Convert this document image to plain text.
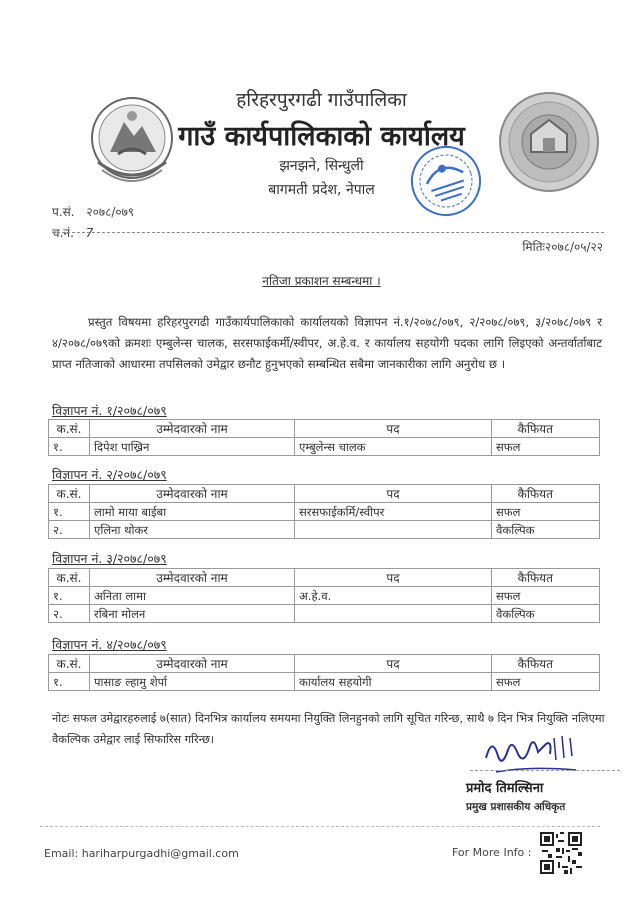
हरिहरपुरगढी गाउँपालिका
गाउँ कार्यपालिकाको कार्यालय
झनझने, सिन्धुली
बागमती प्रदेश, नेपाल
प.सं. २०७८/०७९
च.नं. 7
मितिः२०७८/०५/२२
नतिजा प्रकाशन सम्बन्धमा ।
प्रस्तुत विषयमा हरिहरपुरगढी गाउँकार्यपालिकाको कार्यालयको विज्ञापन नं.१/२०७८/०७९, २/२०७८/०७९, ३/२०७८/०७९ र ४/२०७८/०७९को क्रमशः एम्बुलेन्स चालक, सरसफाईकर्मी/स्वीपर, अ.हे.व. र कार्यालय सहयोगी पदका लागि लिइएको अन्तर्वार्ताबाट प्राप्त नतिजाको आधारमा तपसिलको उमेद्वार छनौट हुनुभएको सम्बन्धित सबैमा जानकारीका लागि अनुरोध छ ।
विज्ञापन नं. १/२०७८/०७९
क.सं.	उम्मेदवारको नाम	पद	कैफियत
१.	दिपेश पाख्रिन	एम्बुलेन्स चालक	सफल
विज्ञापन नं. २/२०७८/०७९
क.सं.	उम्मेदवारको नाम	पद	कैफियत
१.	लामो माया बाईबा	सरसफाईकर्मि/स्वीपर	सफल
२.	एलिना थोकर		वैकल्पिक
विज्ञापन नं. ३/२०७८/०७९
क.सं.	उम्मेदवारको नाम	पद	कैफियत
१.	अनिता लामा	अ.हे.व.	सफल
२.	रबिना मोलन		वैकल्पिक
विज्ञापन नं. ४/२०७८/०७९
क.सं.	उम्मेदवारको नाम	पद	कैफियत
१.	पासाङ ल्हामु शेर्पा	कार्यालय सहयोगी	सफल
नोटः सफल उमेद्वारहरुलाई ७(सात) दिनभित्र कार्यालय समयमा नियुक्ति लिनहुनको लागि सूचित गरिन्छ, साथै ७ दिन भित्र नियुक्ति नलिएमा वैकल्पिक उमेद्वार लाई सिफारिस गरिन्छ।
प्रमोद तिमल्सिना
प्रमुख प्रशासकीय अधिकृत
Email: hariharpurgadhi@gmail.com	For More Info :
